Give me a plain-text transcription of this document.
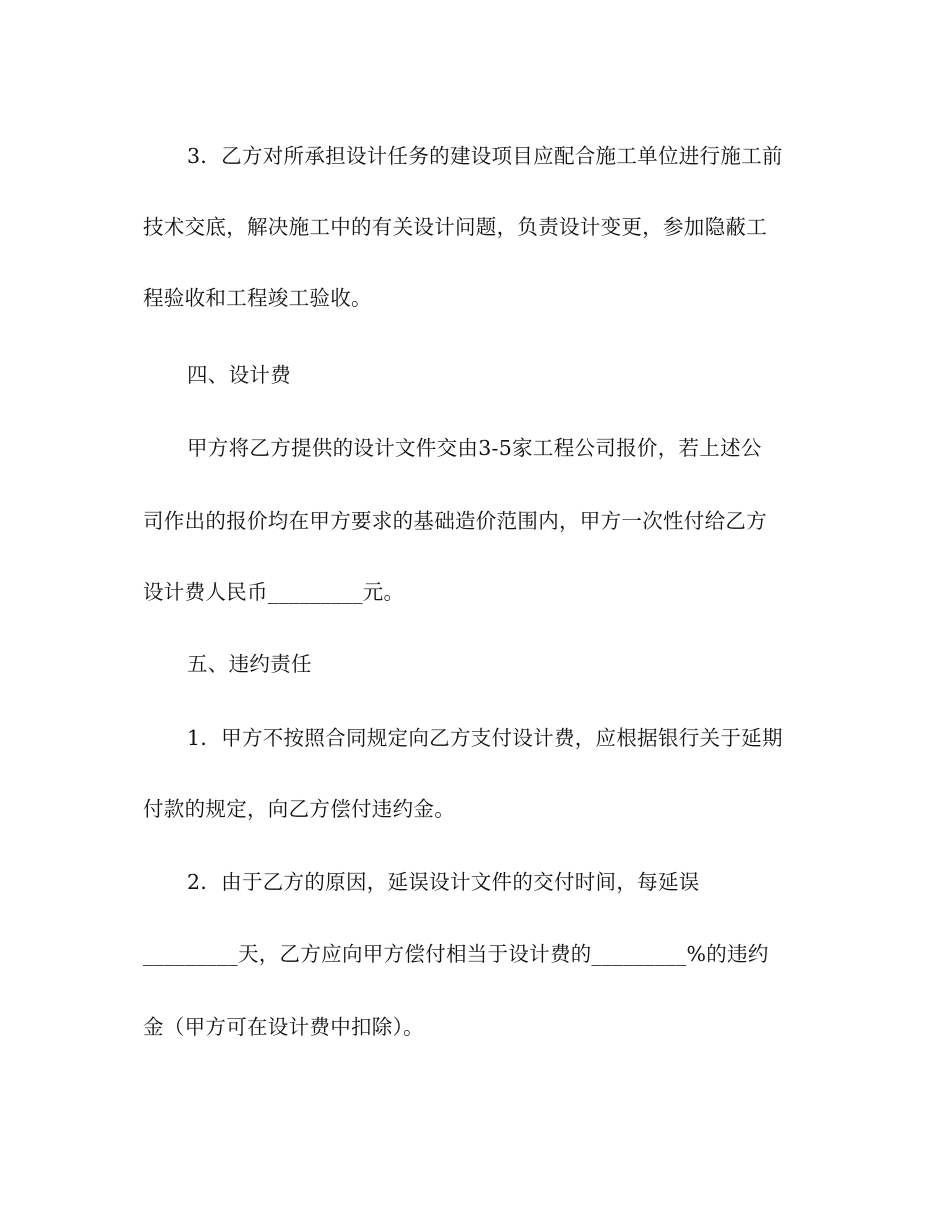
3．乙方对所承担设计任务的建设项目应配合施工单位进行施工前
技术交底，解决施工中的有关设计问题，负责设计变更，参加隐蔽工
程验收和工程竣工验收。
四、设计费
甲方将乙方提供的设计文件交由3-5家工程公司报价，若上述公
司作出的报价均在甲方要求的基础造价范围内，甲方一次性付给乙方
设计费人民币_________元。
五、违约责任
1．甲方不按照合同规定向乙方支付设计费，应根据银行关于延期
付款的规定，向乙方偿付违约金。
2．由于乙方的原因，延误设计文件的交付时间，每延误
_________天，乙方应向甲方偿付相当于设计费的_________%的违约
金（甲方可在设计费中扣除）。
